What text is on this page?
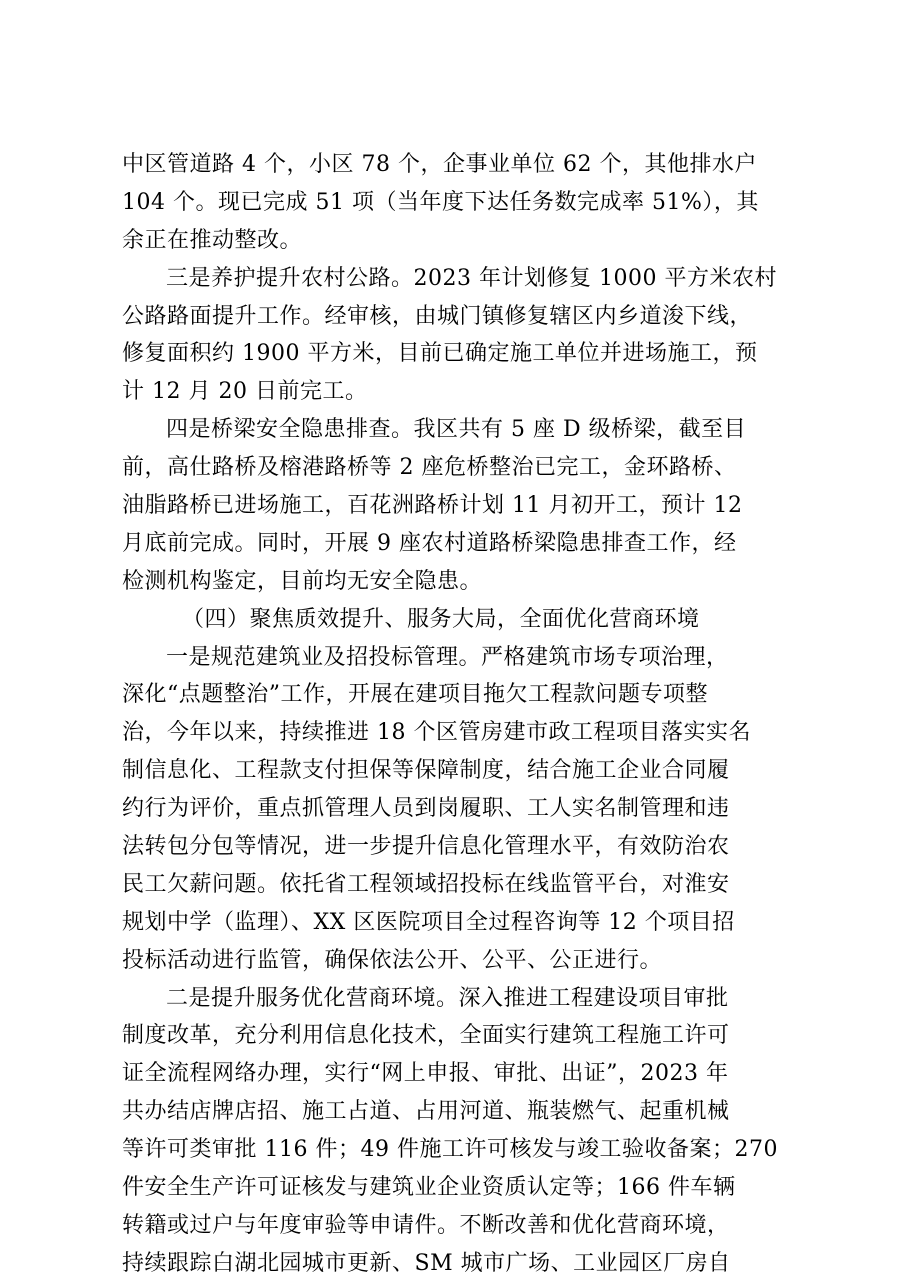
中区管道路 4 个，小区 78 个，企事业单位 62 个，其他排水户
104 个。现已完成 51 项（当年度下达任务数完成率 51%），其
余正在推动整改。
三是养护提升农村公路。2023 年计划修复 1000 平方米农村
公路路面提升工作。经审核，由城门镇修复辖区内乡道浚下线，
修复面积约 1900 平方米，目前已确定施工单位并进场施工，预
计 12 月 20 日前完工。
四是桥梁安全隐患排查。我区共有 5 座 D 级桥梁，截至目
前，高仕路桥及榕港路桥等 2 座危桥整治已完工，金环路桥、
油脂路桥已进场施工，百花洲路桥计划 11 月初开工，预计 12
月底前完成。同时，开展 9 座农村道路桥梁隐患排查工作，经
检测机构鉴定，目前均无安全隐患。
（四）聚焦质效提升、服务大局，全面优化营商环境
一是规范建筑业及招投标管理。严格建筑市场专项治理，
深化“点题整治”工作，开展在建项目拖欠工程款问题专项整
治，今年以来，持续推进 18 个区管房建市政工程项目落实实名
制信息化、工程款支付担保等保障制度，结合施工企业合同履
约行为评价，重点抓管理人员到岗履职、工人实名制管理和违
法转包分包等情况，进一步提升信息化管理水平，有效防治农
民工欠薪问题。依托省工程领域招投标在线监管平台，对淮安
规划中学（监理）、XX 区医院项目全过程咨询等 12 个项目招
投标活动进行监管，确保依法公开、公平、公正进行。
二是提升服务优化营商环境。深入推进工程建设项目审批
制度改革，充分利用信息化技术，全面实行建筑工程施工许可
证全流程网络办理，实行“网上申报、审批、出证”，2023 年
共办结店牌店招、施工占道、占用河道、瓶装燃气、起重机械
等许可类审批 116 件；49 件施工许可核发与竣工验收备案；270
件安全生产许可证核发与建筑业企业资质认定等；166 件车辆
转籍或过户与年度审验等申请件。不断改善和优化营商环境，
持续跟踪白湖北园城市更新、SM 城市广场、工业园区厂房自
